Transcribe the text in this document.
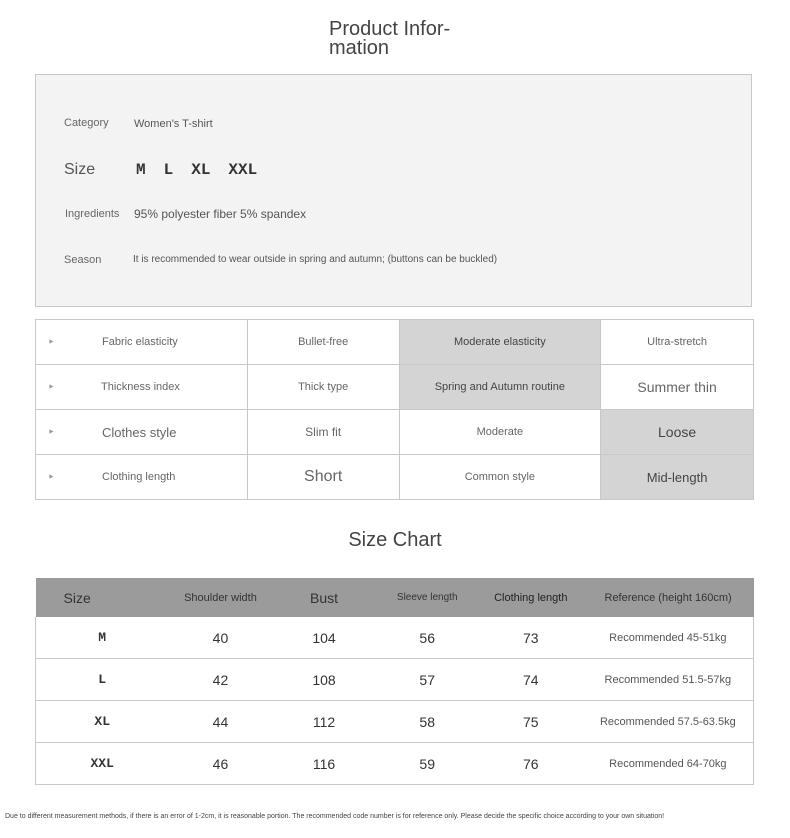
Product Infor-
mation
Category Women's T-shirt
Size	M L XL XXL
Ingredients 95% polyester fiber 5% spandex
Season	It is recommended to wear outside in spring and autumn; (buttons can be buckled)
► Fabric elasticity	Bullet-free	Moderate elasticity	Ultra-stretch

► Thickness index	Thick type	Spring and Autumn routine	Summer thin

► Clothes style	Slim fit	Moderate	Loose

► Clothing length	Short	Common style	Mid-length
Size Chart
Size	Shoulder width	Bust	Sleeve length	Clothing length	Reference (height 160cm)
M	40	104	56	73	Recommended 45-51kg
L	42	108	57	74	Recommended 51.5-57kg
XL	44	112	58	75	Recommended 57.5-63.5kg
XXL	46	116	59	76	Recommended 64-70kg
Due to different measurement methods, if there is an error of 1-2cm, it is reasonable portion. The recommended code number is for reference only. Please decide the specific choice according to your own situation!
